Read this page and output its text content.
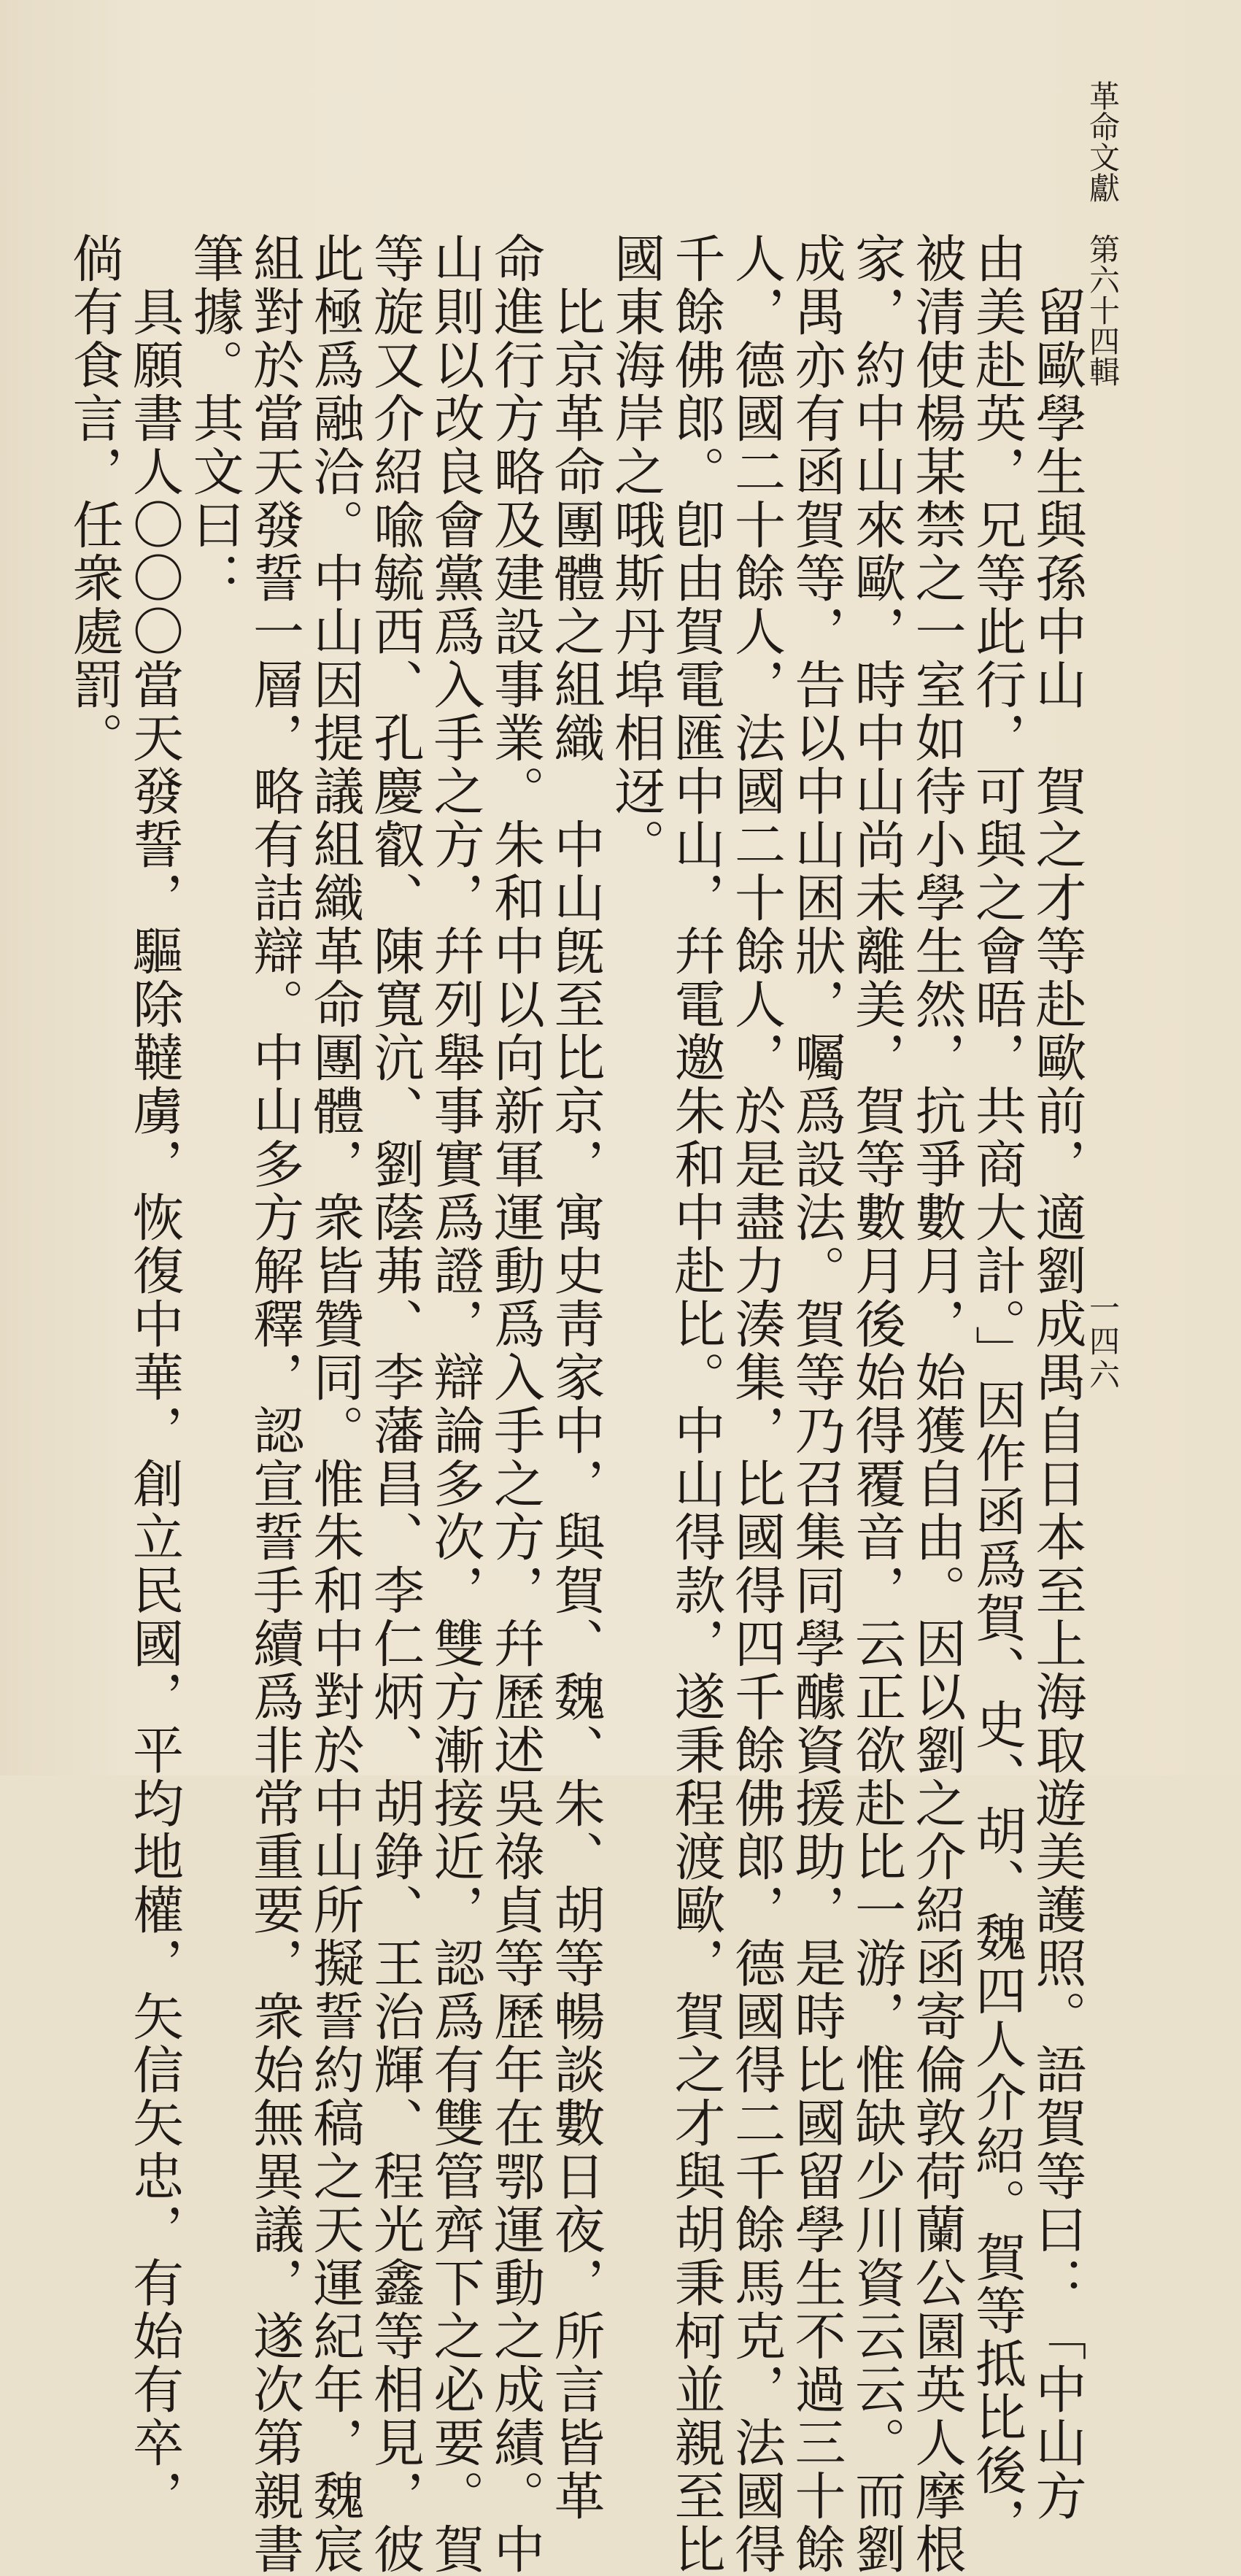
革命文獻　第六十四輯
一四六
　留歐學生與孫中山　賀之才等赴歐前，適劉成禺自日本至上海取遊美護照。語賀等曰：「中山方
由美赴英，兄等此行，可與之會晤，共商大計。」因作函爲賀、史、胡、魏四人介紹。賀等抵比後，
被清使楊某禁之一室如待小學生然，抗爭數月，始獲自由。因以劉之介紹函寄倫敦荷蘭公園英人摩根
家，約中山來歐，時中山尚未離美，賀等數月後始得覆音，云正欲赴比一游，惟缺少川資云云。而劉
成禺亦有函賀等，告以中山困狀，囑爲設法。賀等乃召集同學醵資援助，是時比國留學生不過三十餘
人，德國二十餘人，法國二十餘人，於是盡力湊集，比國得四千餘佛郎，德國得二千餘馬克，法國得
千餘佛郎。卽由賀電匯中山，幷電邀朱和中赴比。中山得款，遂秉程渡歐，賀之才與胡秉柯並親至比
國東海岸之哦斯丹埠相迓。
　比京革命團體之組織　中山旣至比京，寓史靑家中，與賀、魏、朱、胡等暢談數日夜，所言皆革
命進行方略及建設事業。朱和中以向新軍運動爲入手之方，幷歷述吳祿貞等歷年在鄂運動之成績。中
山則以改良會黨爲入手之方，幷列舉事實爲證，辯論多次，雙方漸接近，認爲有雙管齊下之必要。賀
等旋又介紹喩毓西、孔慶叡、陳寬沆、劉蔭茀、李藩昌、李仁炳、胡錚、王治輝、程光鑫等相見，彼
此極爲融洽。中山因提議組織革命團體，衆皆贊同。惟朱和中對於中山所擬誓約稿之天運紀年，魏宸
組對於當天發誓一層，略有詰辯。中山多方解釋，認宣誓手續爲非常重要，衆始無異議，遂次第親書
筆據。其文曰：
　具願書人〇〇〇當天發誓，驅除韃虜，恢復中華，創立民國，平均地權，矢信矢忠，有始有卒，
倘有食言，任衆處罰。
